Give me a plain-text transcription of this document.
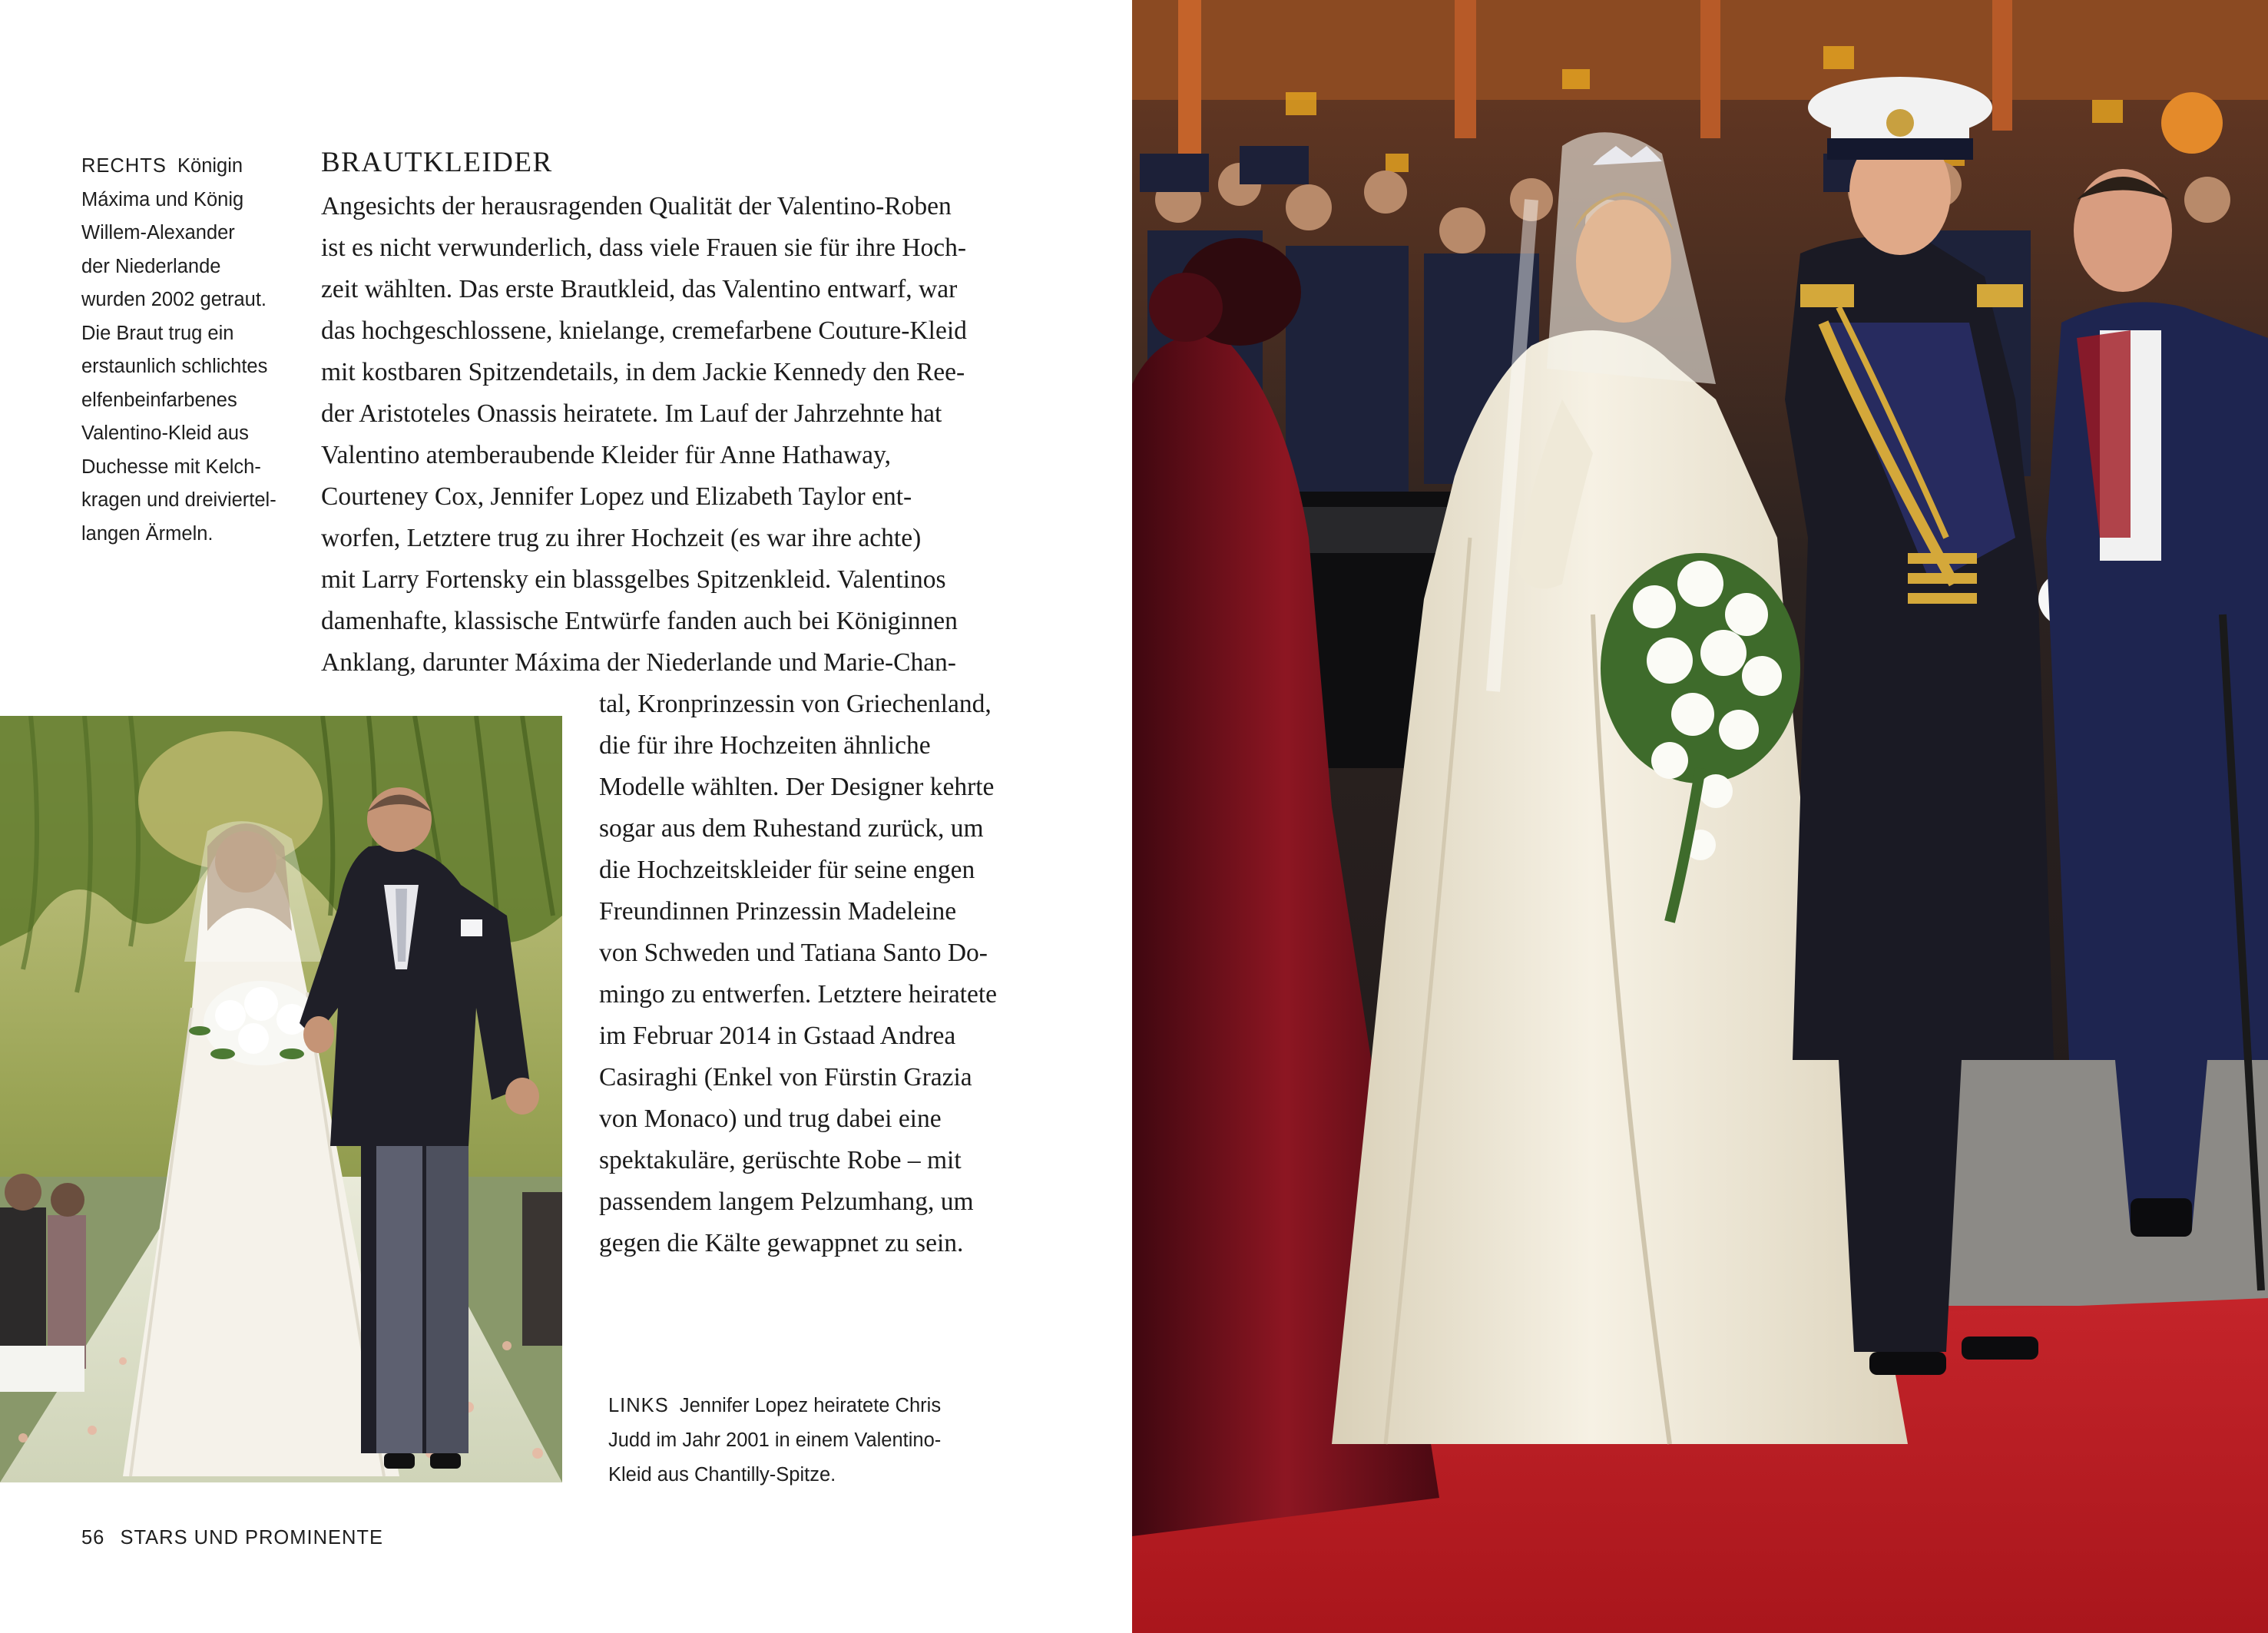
RECHTS Königin
Máxima und König
Willem-Alexander
der Niederlande
wurden 2002 getraut.
Die Braut trug ein
erstaunlich schlichtes
elfenbeinfarbenes
Valentino-Kleid aus
Duchesse mit Kelch-
kragen und dreiviertel-
langen Ärmeln.
BRAUTKLEIDER

Angesichts der herausragenden Qualität der Valentino-Roben

ist es nicht verwunderlich, dass viele Frauen sie für ihre Hoch-

zeit wählten. Das erste Brautkleid, das Valentino entwarf, war

das hochgeschlossene, knielange, cremefarbene Couture-Kleid

mit kostbaren Spitzendetails, in dem Jackie Kennedy den Ree-

der Aristoteles Onassis heiratete. Im Lauf der Jahrzehnte hat

Valentino atemberaubende Kleider für Anne Hathaway,

Courteney Cox, Jennifer Lopez und Elizabeth Taylor ent-

worfen, Letztere trug zu ihrer Hochzeit (es war ihre achte)

mit Larry Fortensky ein blassgelbes Spitzenkleid. Valentinos

damenhafte, klassische Entwürfe fanden auch bei Königinnen

Anklang, darunter Máxima der Niederlande und Marie-Chan-

tal, Kronprinzessin von Griechenland,

die für ihre Hochzeiten ähnliche

Modelle wählten. Der Designer kehrte

sogar aus dem Ruhestand zurück, um

die Hochzeitskleider für seine engen

Freundinnen Prinzessin Madeleine

von Schweden und Tatiana Santo Do-

mingo zu entwerfen. Letztere heiratete

im Februar 2014 in Gstaad Andrea

Casiraghi (Enkel von Fürstin Grazia

von Monaco) und trug dabei eine

spektakuläre, gerüschte Robe – mit

passendem langem Pelzumhang, um

gegen die Kälte gewappnet zu sein.

LINKS Jennifer Lopez heiratete Chris
Judd im Jahr 2001 in einem Valentino-
Kleid aus Chantilly-Spitze.
56 STARS UND PROMINENTE
